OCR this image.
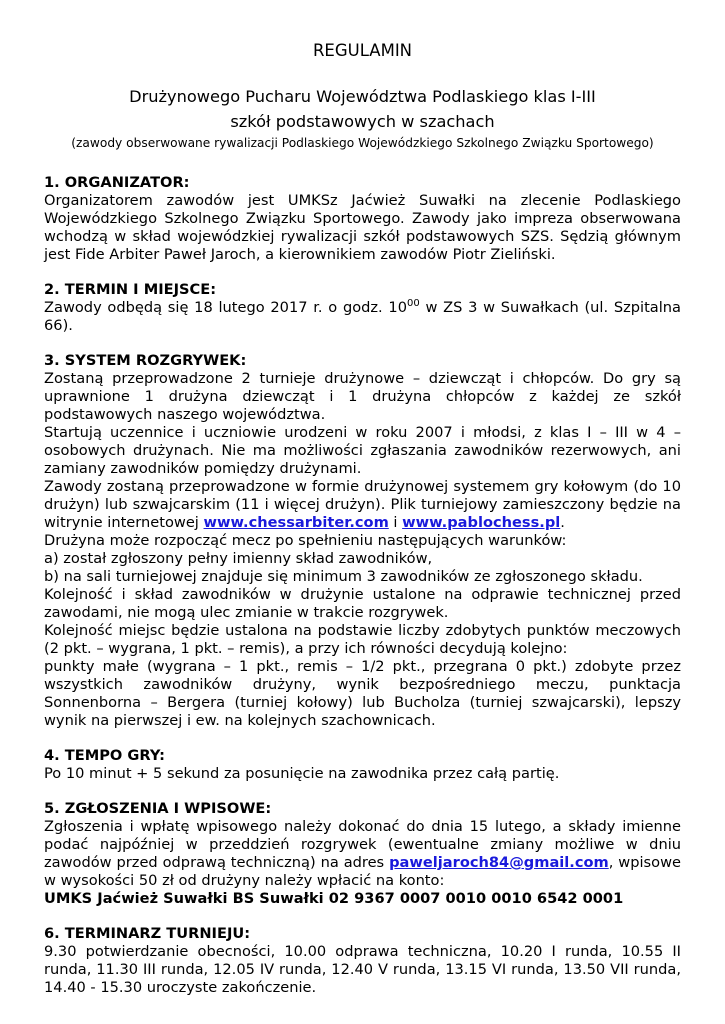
REGULAMIN
Drużynowego Pucharu Województwa Podlaskiego klas I-III
szkół podstawowych w szachach
(zawody obserwowane rywalizacji Podlaskiego Wojewódzkiego Szkolnego Związku Sportowego)
1. ORGANIZATOR:

Organizatorem zawodów jest UMKSz Jaćwież Suwałki na zlecenie Podlaskiego Wojewódzkiego Szkolnego Związku Sportowego. Zawody jako impreza obserwowana wchodzą w skład wojewódzkiej rywalizacji szkół podstawowych SZS. Sędzią głównym jest Fide Arbiter Paweł Jaroch, a kierownikiem zawodów Piotr Zieliński.

2. TERMIN I MIEJSCE:

Zawody odbędą się 18 lutego 2017 r. o godz. $10^{00}$ w ZS 3 w Suwałkach (ul. Szpitalna 66).

3. SYSTEM ROZGRYWEK:

Zostaną przeprowadzone 2 turnieje drużynowe – dziewcząt i chłopców. Do gry są uprawnione 1 drużyna dziewcząt i 1 drużyna chłopców z każdej ze szkół podstawowych naszego województwa.

Startują uczennice i uczniowie urodzeni w roku 2007 i młodsi, z klas I – III w 4 – osobowych drużynach. Nie ma możliwości zgłaszania zawodników rezerwowych, ani zamiany zawodników pomiędzy drużynami.

Zawody zostaną przeprowadzone w formie drużynowej systemem gry kołowym (do 10 drużyn) lub szwajcarskim (11 i więcej drużyn). Plik turniejowy zamieszczony będzie na witrynie internetowej www.chessarbiter.com i www.pablochess.pl.

Drużyna może rozpocząć mecz po spełnieniu następujących warunków:

a) został zgłoszony pełny imienny skład zawodników,

b) na sali turniejowej znajduje się minimum 3 zawodników ze zgłoszonego składu.

Kolejność i skład zawodników w drużynie ustalone na odprawie technicznej przed zawodami, nie mogą ulec zmianie w trakcie rozgrywek.

Kolejność miejsc będzie ustalona na podstawie liczby zdobytych punktów meczowych (2 pkt. – wygrana, 1 pkt. – remis), a przy ich równości decydują kolejno:

punkty małe (wygrana – 1 pkt., remis – 1/2 pkt., przegrana 0 pkt.) zdobyte przez wszystkich zawodników drużyny, wynik bezpośredniego meczu, punktacja Sonnenborna – Bergera (turniej kołowy) lub Bucholza (turniej szwajcarski), lepszy wynik na pierwszej i ew. na kolejnych szachownicach.

4. TEMPO GRY:

Po 10 minut + 5 sekund za posunięcie na zawodnika przez całą partię.

5. ZGŁOSZENIA I WPISOWE:

Zgłoszenia i wpłatę wpisowego należy dokonać do dnia 15 lutego, a składy imienne podać najpóźniej w przeddzień rozgrywek (ewentualne zmiany możliwe w dniu zawodów przed odprawą techniczną) na adres paweljaroch84@gmail.com, wpisowe w wysokości 50 zł od drużyny należy wpłacić na konto:

UMKS Jaćwież Suwałki BS Suwałki 02 9367 0007 0010 0010 6542 0001

6. TERMINARZ TURNIEJU:

9.30 potwierdzanie obecności, 10.00 odprawa techniczna, 10.20 I runda, 10.55 II runda, 11.30 III runda, 12.05 IV runda, 12.40 V runda, 13.15 VI runda, 13.50 VII runda, 14.40 - 15.30 uroczyste zakończenie.
